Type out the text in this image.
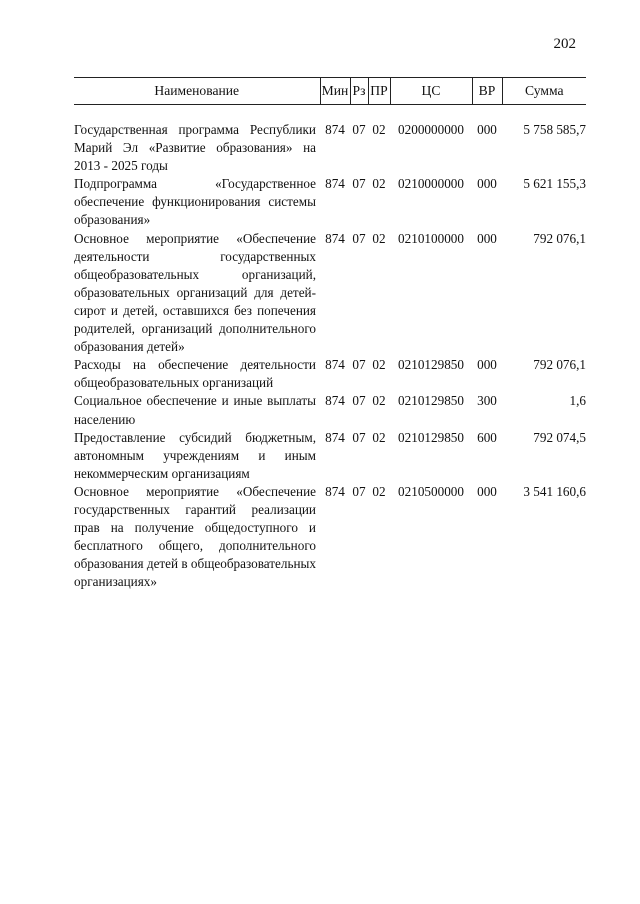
202
Наименование	Мин	Рз	ПР	ЦС	ВР	Сумма

Государственная программа Республики Марий Эл «Развитие образования» на 2013 - 2025 годы	874	07	02	0200000000	000	5 758 585,7
Подпрограмма «Государственное обеспечение функционирования системы образования»	874	07	02	0210000000	000	5 621 155,3
Основное мероприятие «Обеспечение деятельности государственных общеобразовательных организаций, образовательных организаций для детей-сирот и детей, оставшихся без попечения родителей, организаций дополнительного образования детей»	874	07	02	0210100000	000	792 076,1
Расходы на обеспечение деятельности общеобразовательных организаций	874	07	02	0210129850	000	792 076,1
Социальное обеспечение и иные выплаты населению	874	07	02	0210129850	300	1,6
Предоставление субсидий бюджетным, автономным учреждениям и иным некоммерческим организациям	874	07	02	0210129850	600	792 074,5
Основное мероприятие «Обеспечение государственных гарантий реализации прав на получение общедоступного и бесплатного общего, дополнительного образования детей в общеобразовательных организациях»	874	07	02	0210500000	000	3 541 160,6
